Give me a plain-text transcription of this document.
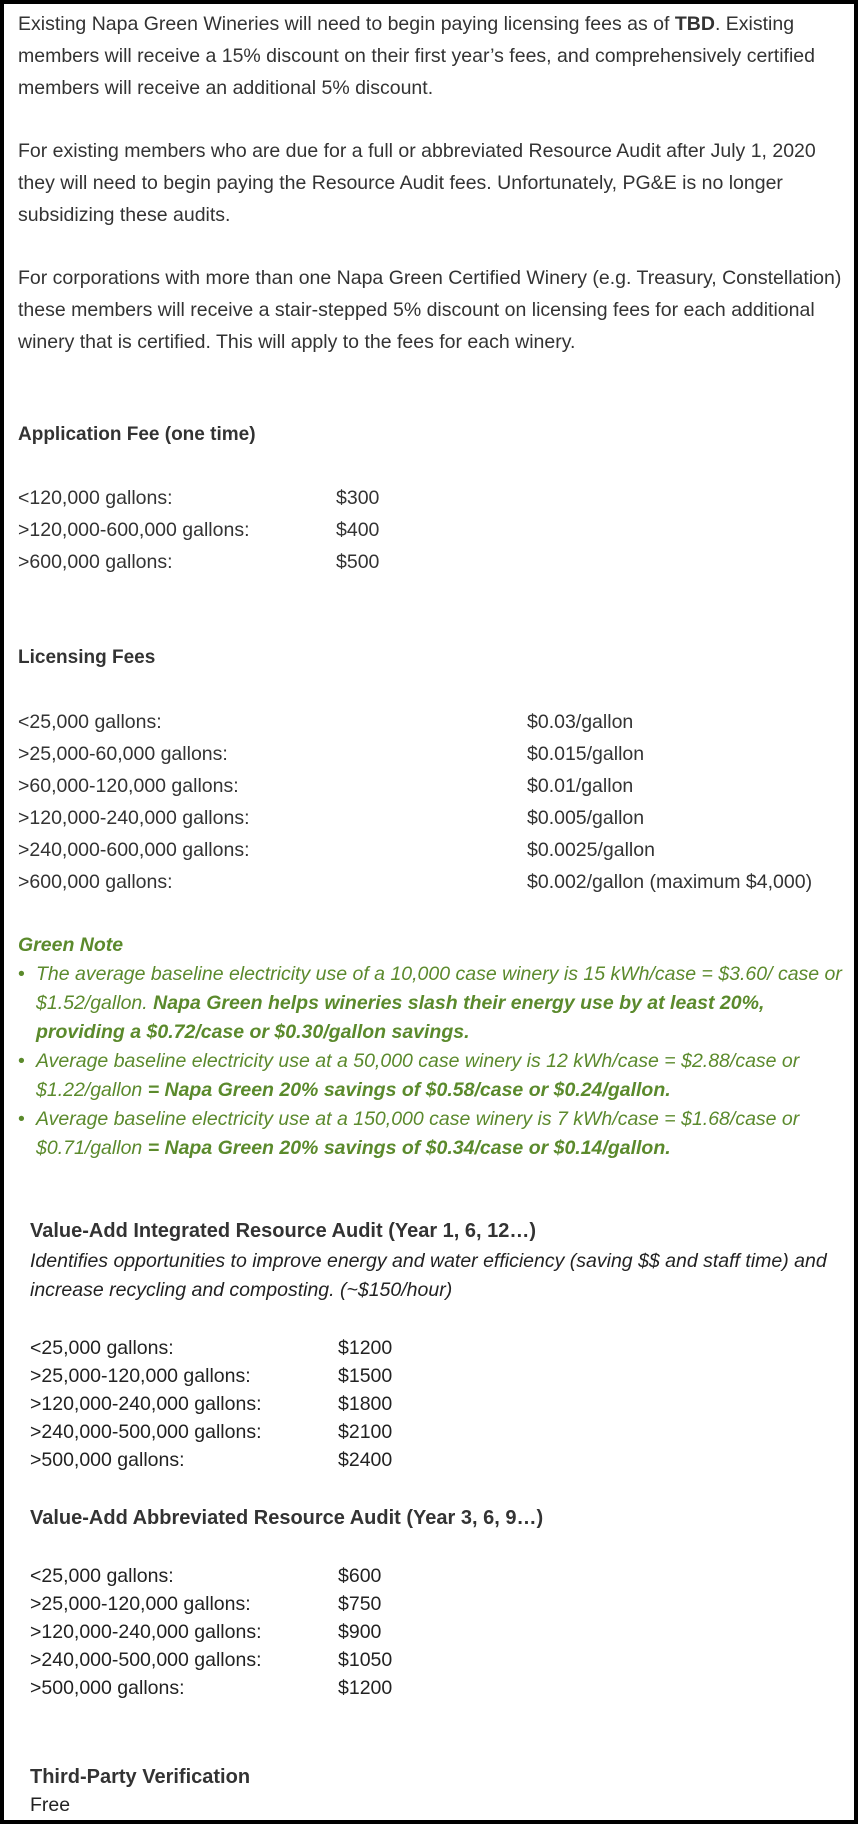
Existing Napa Green Wineries will need to begin paying licensing fees as of TBD. Existing members will receive a 15% discount on their first year’s fees, and comprehensively certified members will receive an additional 5% discount.

For existing members who are due for a full or abbreviated Resource Audit after July 1, 2020 they will need to begin paying the Resource Audit fees. Unfortunately, PG&E is no longer subsidizing these audits.

For corporations with more than one Napa Green Certified Winery (e.g. Treasury, Constellation) these members will receive a stair-stepped 5% discount on licensing fees for each additional winery that is certified. This will apply to the fees for each winery.

Application Fee (one time)
<120,000 gallons:	$300
>120,000-600,000 gallons:	$400
>600,000 gallons:	$500
Licensing Fees
<25,000 gallons:	$0.03/gallon
>25,000-60,000 gallons:	$0.015/gallon
>60,000-120,000 gallons:	$0.01/gallon
>120,000-240,000 gallons:	$0.005/gallon
>240,000-600,000 gallons:	$0.0025/gallon
>600,000 gallons:	$0.002/gallon (maximum $4,000)
Green Note
• The average baseline electricity use of a 10,000 case winery is 15 kWh/case = $3.60/ case or $1.52/gallon. Napa Green helps wineries slash their energy use by at least 20%, providing a $0.72/case or $0.30/gallon savings.
• Average baseline electricity use at a 50,000 case winery is 12 kWh/case = $2.88/case or $1.22/gallon = Napa Green 20% savings of $0.58/case or $0.24/gallon.
• Average baseline electricity use at a 150,000 case winery is 7 kWh/case = $1.68/case or $0.71/gallon = Napa Green 20% savings of $0.34/case or $0.14/gallon.
Value-Add Integrated Resource Audit (Year 1, 6, 12…)
Identifies opportunities to improve energy and water efficiency (saving $$ and staff time) and increase recycling and composting. (~$150/hour)
<25,000 gallons:	$1200
>25,000-120,000 gallons:	$1500
>120,000-240,000 gallons:	$1800
>240,000-500,000 gallons:	$2100
>500,000 gallons:	$2400
Value-Add Abbreviated Resource Audit (Year 3, 6, 9…)
<25,000 gallons:	$600
>25,000-120,000 gallons:	$750
>120,000-240,000 gallons:	$900
>240,000-500,000 gallons:	$1050
>500,000 gallons:	$1200
Third-Party Verification
Free
